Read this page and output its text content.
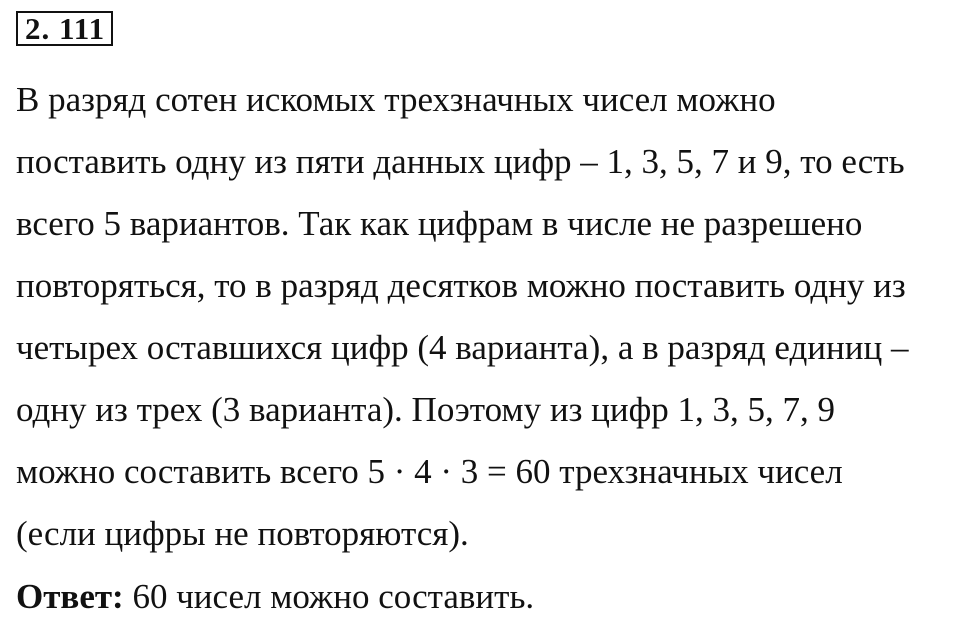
2. 111
В разряд сотен искомых трехзначных чисел можно
поставить одну из пяти данных цифр – 1, 3, 5, 7 и 9, то есть
всего 5 вариантов. Так как цифрам в числе не разрешено
повторяться, то в разряд десятков можно поставить одну из
четырех оставшихся цифр (4 варианта), а в разряд единиц –
одну из трех (3 варианта). Поэтому из цифр 1, 3, 5, 7, 9
можно составить всего 5 · 4 · 3 = 60 трехзначных чисел
(если цифры не повторяются).
Ответ: 60 чисел можно составить.
